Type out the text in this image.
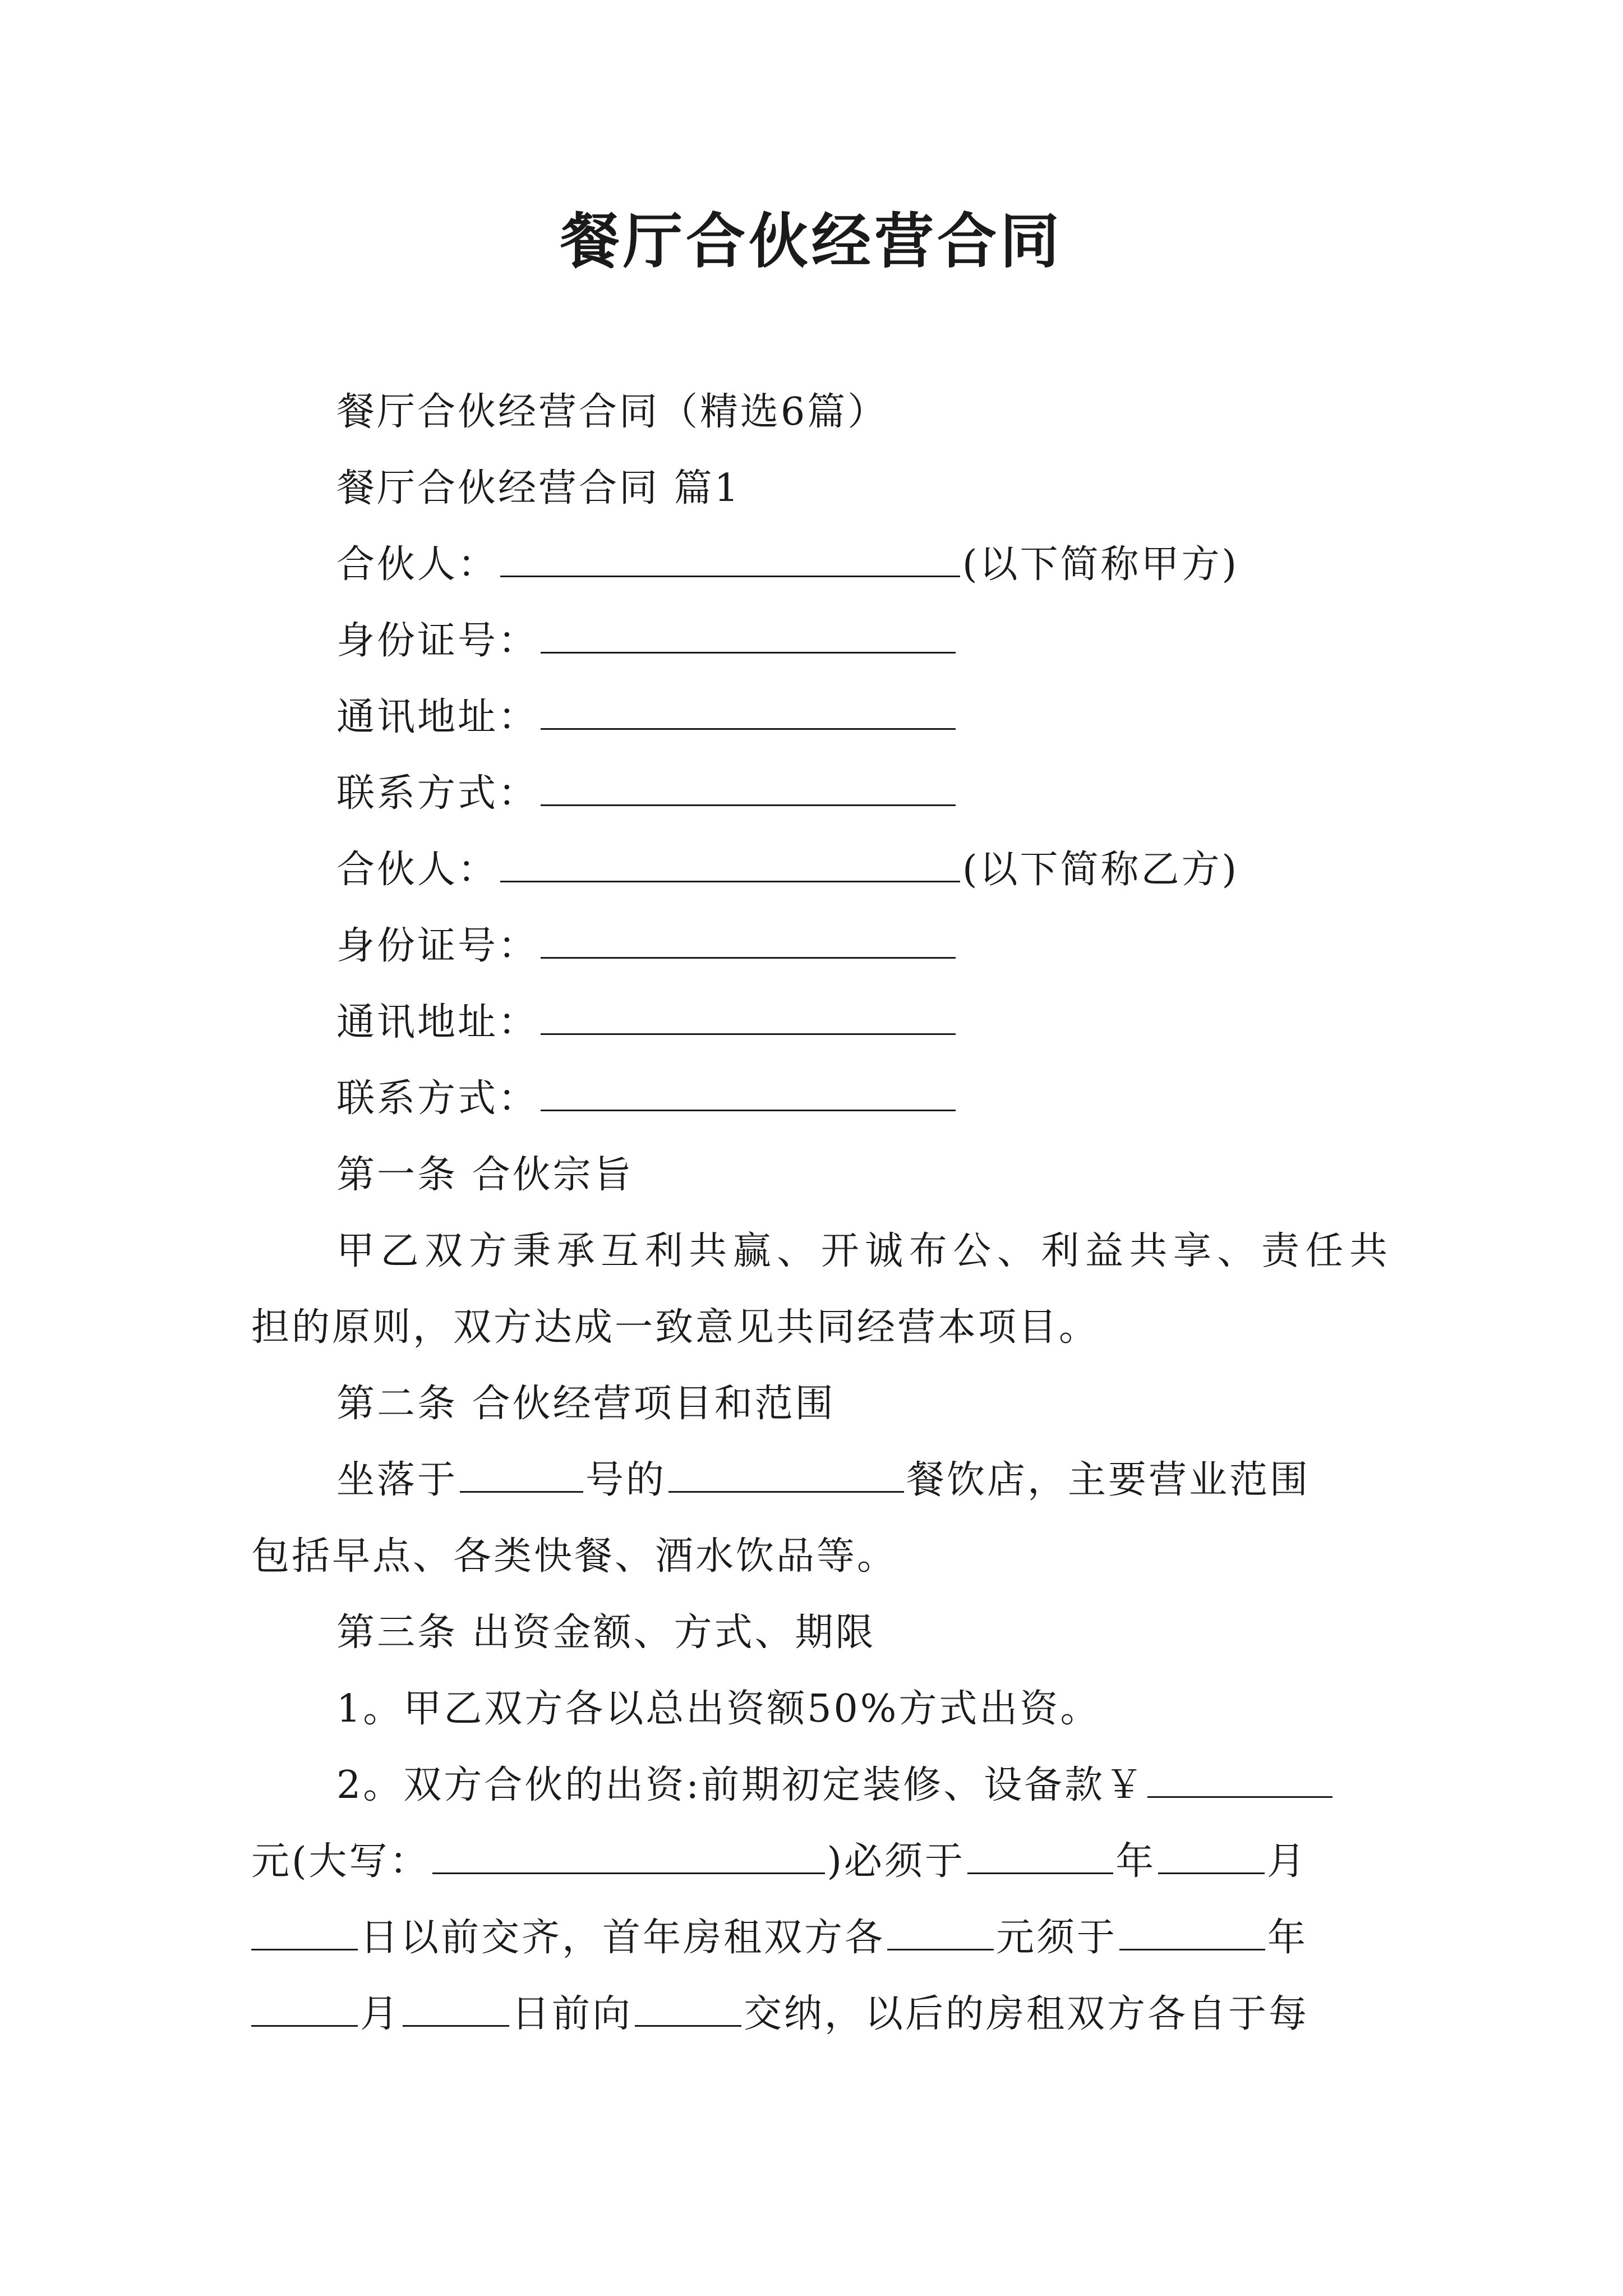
餐厅合伙经营合同
餐厅合伙经营合同（精选6篇）
餐厅合伙经营合同 篇1
合伙人：	(以下简称甲方)
身份证号：
通讯地址：
联系方式：
合伙人：	(以下简称乙方)
身份证号：
通讯地址：
联系方式：
第一条 合伙宗旨
甲乙双方秉承互利共赢、开诚布公、利益共享、责任共
担的原则，双方达成一致意见共同经营本项目。
第二条 合伙经营项目和范围
坐落于	号的	餐饮店，主要营业范围
包括早点、各类快餐、酒水饮品等。
第三条 出资金额、方式、期限
1。甲乙双方各以总出资额50%方式出资。
2。双方合伙的出资:前期初定装修、设备款￥
元(大写：	)必须于	年	月
日以前交齐，首年房租双方各	元须于	年
月	日前向	交纳，以后的房租双方各自于每
